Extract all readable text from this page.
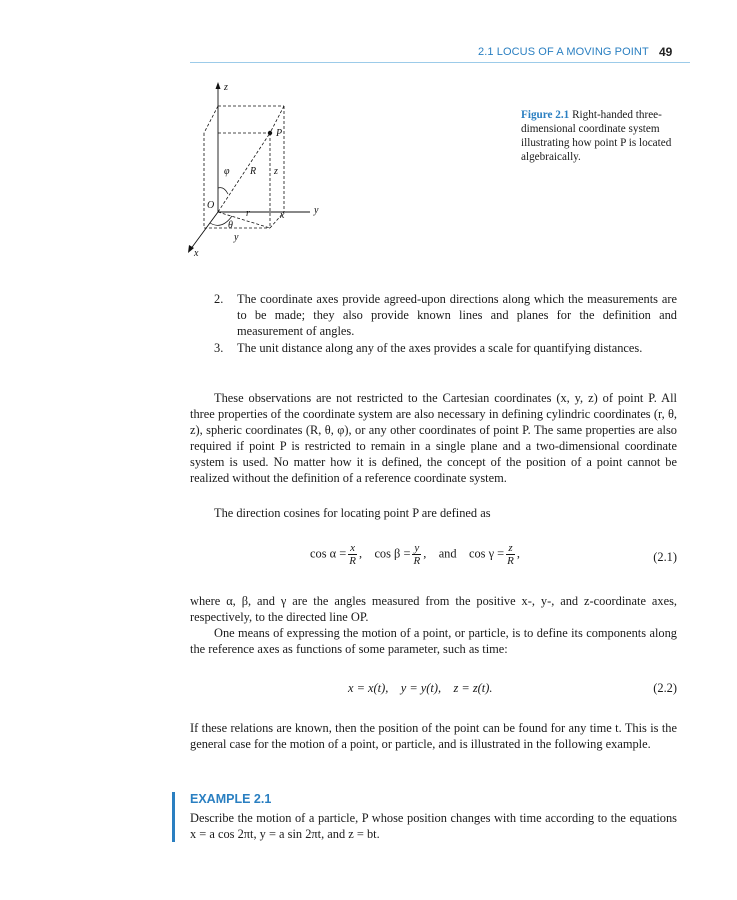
2.1 LOCUS OF A MOVING POINT 49
z
y
x
O
P
φ R z
r
θ
x
y
Figure 2.1 Right-handed three-dimensional coordinate system illustrating how point P is located algebraically.
2. The coordinate axes provide agreed-upon directions along which the measurements are to be made; they also provide known lines and planes for the definition and measurement of angles.
3. The unit distance along any of the axes provides a scale for quantifying distances.
These observations are not restricted to the Cartesian coordinates (x, y, z) of point P. All three properties of the coordinate system are also necessary in defining cylindric coordinates (r, θ, z), spheric coordinates (R, θ, φ), or any other coordinates of point P. The same properties are also required if point P is restricted to remain in a single plane and a two-dimensional coordinate system is used. No matter how it is defined, the concept of the position of a point cannot be realized without the definition of a reference coordinate system.
The direction cosines for locating point P are defined as
$\cos \alpha = \frac{x}{R}$ , $\cos \beta = \frac{y}{R}$ , and $\cos \gamma = \frac{z}{R}$ ,	(2.1)
where α, β, and γ are the angles measured from the positive x-, y-, and z-coordinate axes, respectively, to the directed line OP.
One means of expressing the motion of a point, or particle, is to define its components along the reference axes as functions of some parameter, such as time:
x = x(t),    y = y(t),    z = z(t).	(2.2)
If these relations are known, then the position of the point can be found for any time t. This is the general case for the motion of a point, or particle, and is illustrated in the following example.
EXAMPLE 2.1
Describe the motion of a particle, P whose position changes with time according to the equations x = a cos 2πt, y = a sin 2πt, and z = bt.
